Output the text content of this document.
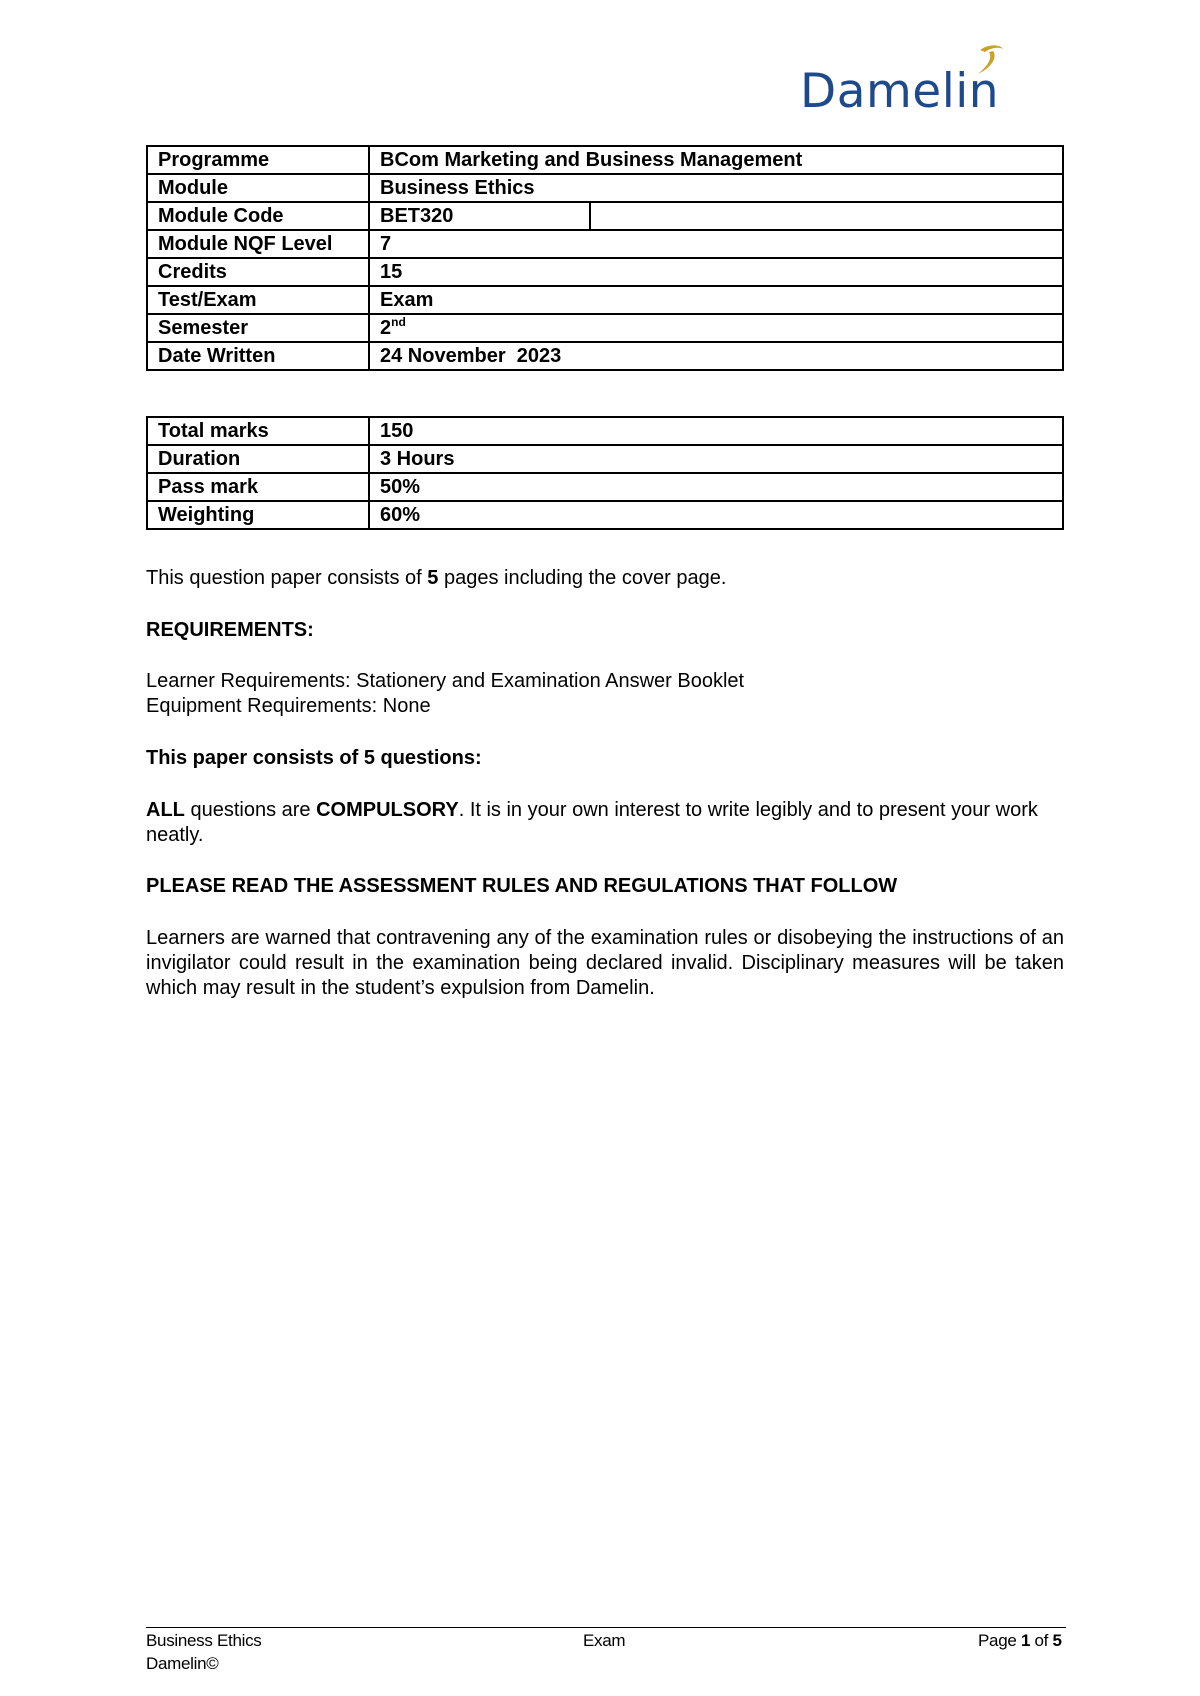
Damelin
Programme	BCom Marketing and Business Management	
Module	Business Ethics	
Module Code	BET320	
Module NQF Level	7	
Credits	15	
Test/Exam	Exam	
Semester	2nd
Date Written	24 November  2023	
Total marks	150
Duration	3 Hours
Pass mark	50%
Weighting	60%

This question paper consists of 5 pages including the cover page.

REQUIREMENTS:

Learner Requirements: Stationery and Examination Answer Booklet

Equipment Requirements: None

This paper consists of 5 questions:

ALL questions are COMPULSORY. It is in your own interest to write legibly and to present your work neatly.

PLEASE READ THE ASSESSMENT RULES AND REGULATIONS THAT FOLLOW

Learners are warned that contravening any of the examination rules or disobeying the instructions of an invigilator could result in the examination being declared invalid. Disciplinary measures will be taken which may result in the student’s expulsion from Damelin.

Business Ethics
Damelin©
Exam	Page 1 of 5
